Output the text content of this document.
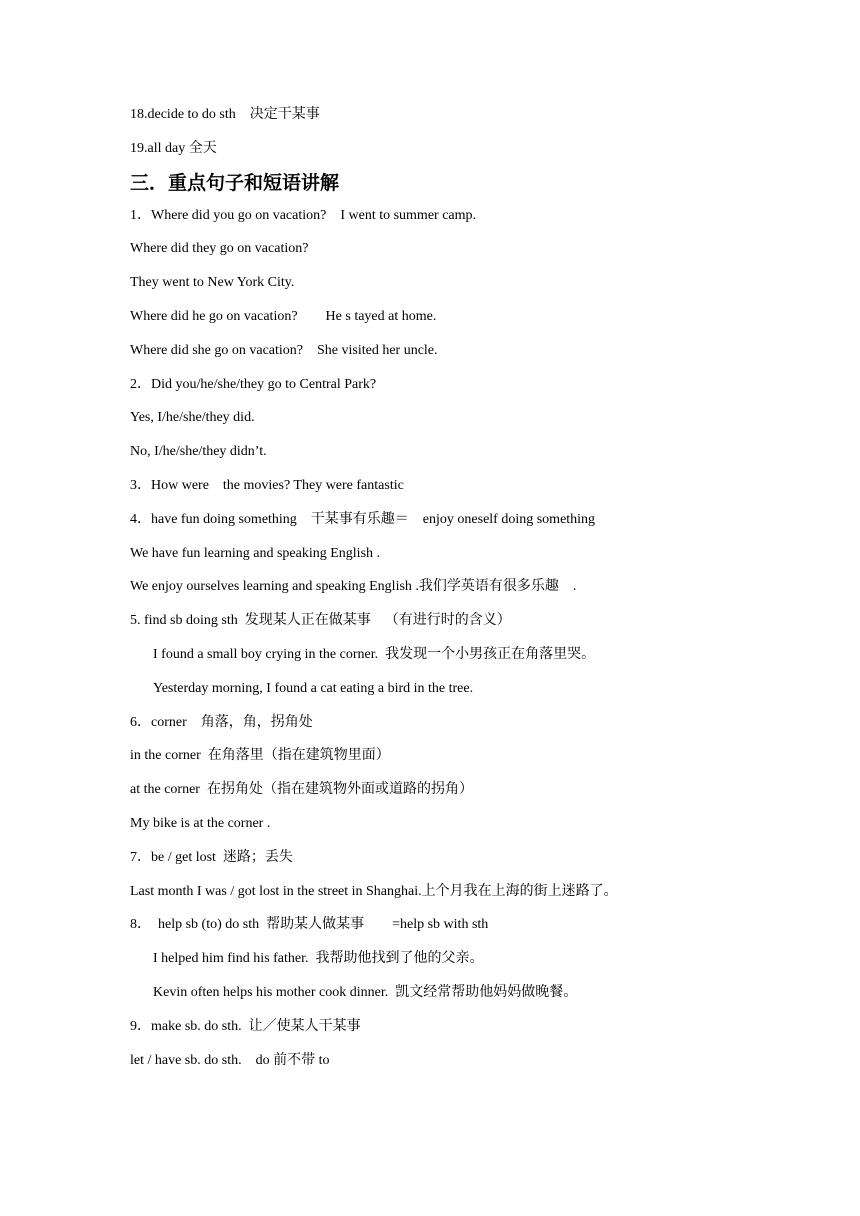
18.decide to do sth    决定干某事
19.all day 全天
三．重点句子和短语讲解
1．Where did you go on vacation?    I went to summer camp.
Where did they go on vacation?
They went to New York City.
Where did he go on vacation?        He s tayed at home.
Where did she go on vacation?    She visited her uncle.
2．Did you/he/she/they go to Central Park?
Yes, I/he/she/they did.
No, I/he/she/they didn’t.
3．How were    the movies? They were fantastic
4．have fun doing something    干某事有乐趣＝    enjoy oneself doing something
We have fun learning and speaking English .
We enjoy ourselves learning and speaking English .我们学英语有很多乐趣    .
5. find sb doing sth  发现某人正在做某事    （有进行时的含义）
I found a small boy crying in the corner.  我发现一个小男孩正在角落里哭。
Yesterday morning, I found a cat eating a bird in the tree.
6．corner    角落，角，拐角处
in the corner  在角落里（指在建筑物里面）
at the corner  在拐角处（指在建筑物外面或道路的拐角）
My bike is at the corner .
7．be / get lost  迷路；丢失
Last month I was / got lost in the street in Shanghai.上个月我在上海的街上迷路了。
8．  help sb (to) do sth  帮助某人做某事        =help sb with sth
I helped him find his father.  我帮助他找到了他的父亲。
Kevin often helps his mother cook dinner.  凯文经常帮助他妈妈做晚餐。
9．make sb. do sth.  让／使某人干某事
let / have sb. do sth.    do 前不带 to
